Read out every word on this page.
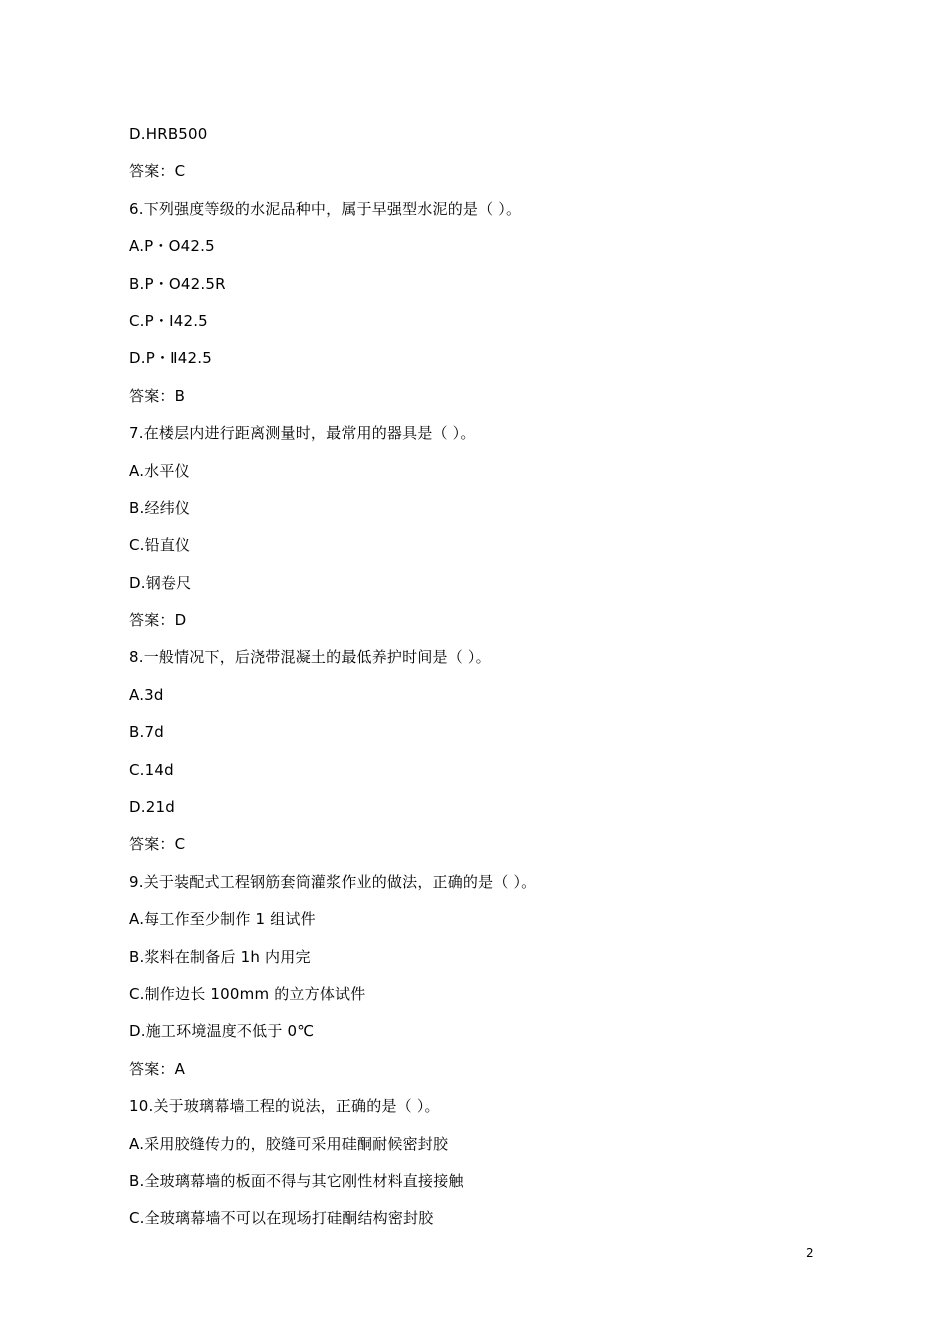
D.HRB500
答案：C
6.下列强度等级的水泥品种中，属于早强型水泥的是（ ）。
A.P・O42.5
B.P・O42.5R
C.P・I42.5
D.P・Ⅱ42.5
答案：B
7.在楼层内进行距离测量时，最常用的器具是（ ）。
A.水平仪
B.经纬仪
C.铅直仪
D.钢卷尺
答案：D
8.一般情况下，后浇带混凝土的最低养护时间是（ ）。
A.3d
B.7d
C.14d
D.21d
答案：C
9.关于装配式工程钢筋套筒灌浆作业的做法，正确的是（ ）。
A.每工作至少制作 1 组试件
B.浆料在制备后 1h 内用完
C.制作边长 100mm 的立方体试件
D.施工环境温度不低于 0℃
答案：A
10.关于玻璃幕墙工程的说法，正确的是（ ）。
A.采用胶缝传力的，胶缝可采用硅酮耐候密封胶
B.全玻璃幕墙的板面不得与其它刚性材料直接接触
C.全玻璃幕墙不可以在现场打硅酮结构密封胶
2
